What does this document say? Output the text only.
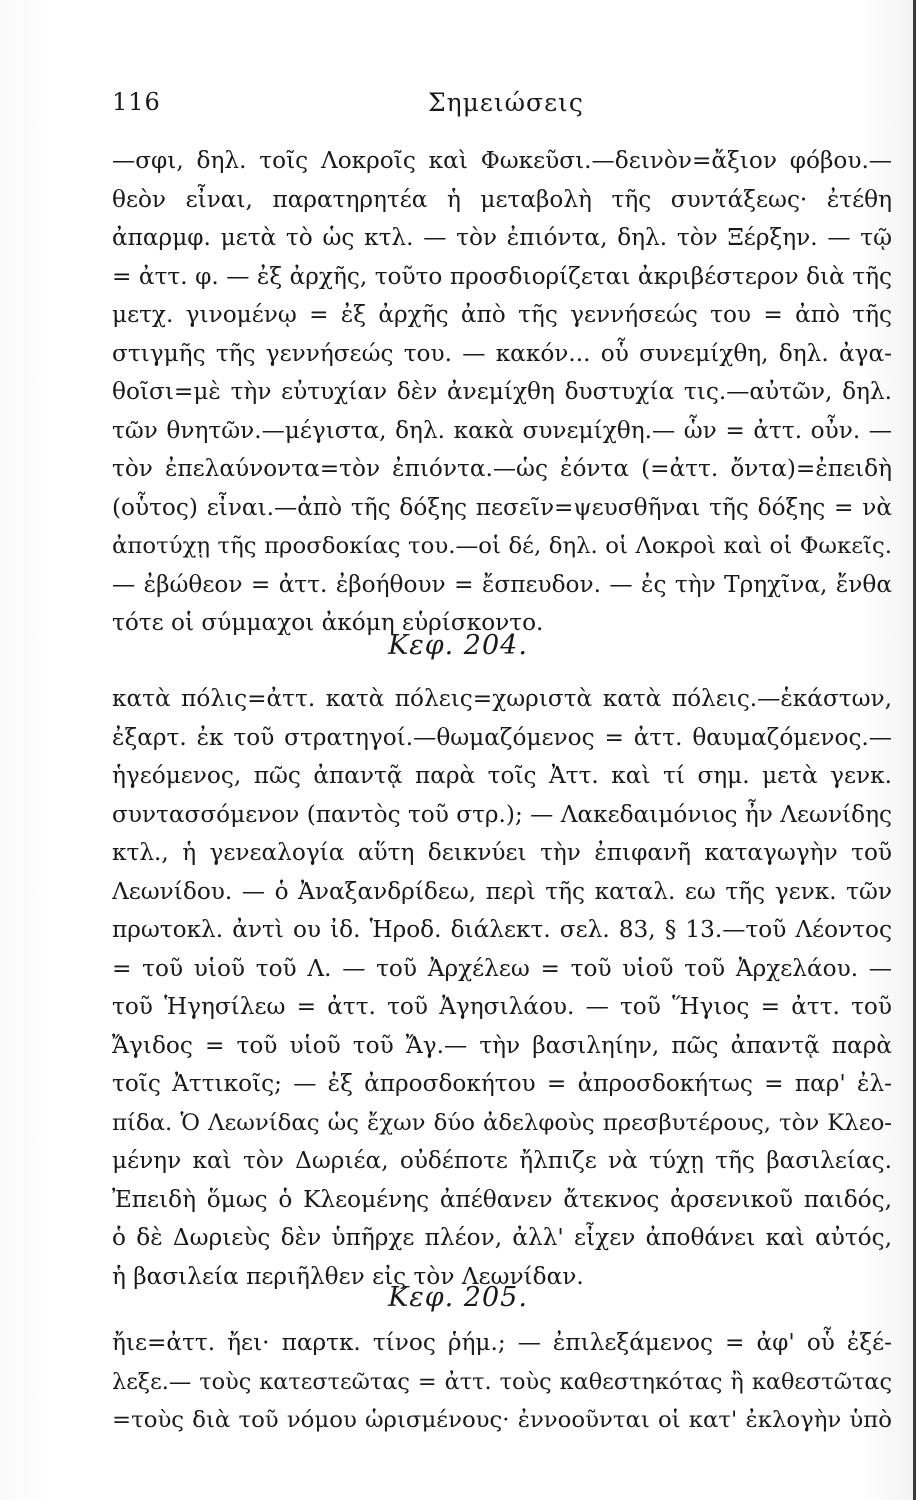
116	Σημειώσεις
—σφι, δηλ. τοῖς Λοκροῖς καὶ Φωκεῦσι.—δεινὸν=ἄξιον φόβου.—
θεὸν εἶναι, παρατηρητέα ἡ μεταβολὴ τῆς συντάξεως· ἐτέθη
ἀπαρμφ. μετὰ τὸ ὡς κτλ. — τὸν ἐπιόντα, δηλ. τὸν Ξέρξην. — τῷ
= ἀττ. φ. — ἐξ ἀρχῆς, τοῦτο προσδιορίζεται ἀκριβέστερον διὰ τῆς
μετχ. γινομένῳ = ἐξ ἀρχῆς ἀπὸ τῆς γεννήσεώς του = ἀπὸ τῆς
στιγμῆς τῆς γεννήσεώς του. — κακόν... οὗ συνεμίχθη, δηλ. ἀγα-
θοῖσι=μὲ τὴν εὐτυχίαν δὲν ἀνεμίχθη δυστυχία τις.—αὐτῶν, δηλ.
τῶν θνητῶν.—μέγιστα, δηλ. κακὰ συνεμίχθη.— ὧν = ἀττ. οὖν. —
τὸν ἐπελαύνοντα=τὸν ἐπιόντα.—ὡς ἐόντα (=ἀττ. ὄντα)=ἐπειδὴ
(οὗτος) εἶναι.—ἀπὸ τῆς δόξης πεσεῖν=ψευσθῆναι τῆς δόξης = νὰ
ἀποτύχῃ τῆς προσδοκίας του.—οἱ δέ, δηλ. οἱ Λοκροὶ καὶ οἱ Φωκεῖς.
— ἐβώθεον = ἀττ. ἐβοήθουν = ἔσπευδον. — ἐς τὴν Τρηχῖνα, ἔνθα
τότε οἱ σύμμαχοι ἀκόμη εὑρίσκοντο.
Κεφ. 204.
κατὰ πόλις=ἀττ. κατὰ πόλεις=χωριστὰ κατὰ πόλεις.—ἑκάστων,
ἐξαρτ. ἐκ τοῦ στρατηγοί.—θωμαζόμενος = ἀττ. θαυμαζόμενος.—
ἡγεόμενος, πῶς ἀπαντᾷ παρὰ τοῖς Ἀττ. καὶ τί σημ. μετὰ γενκ.
συντασσόμενον (παντὸς τοῦ στρ.); — Λακεδαιμόνιος ἦν Λεωνίδης
κτλ., ἡ γενεαλογία αὕτη δεικνύει τὴν ἐπιφανῆ καταγωγὴν τοῦ
Λεωνίδου. — ὁ Ἀναξανδρίδεω, περὶ τῆς καταλ. εω τῆς γενκ. τῶν
πρωτοκλ. ἀντὶ ου ἰδ. Ἡροδ. διάλεκτ. σελ. 83, § 13.—τοῦ Λέοντος
= τοῦ υἱοῦ τοῦ Λ. — τοῦ Ἀρχέλεω = τοῦ υἱοῦ τοῦ Ἀρχελάου. —
τοῦ Ἡγησίλεω = ἀττ. τοῦ Ἀγησιλάου. — τοῦ Ἥγιος = ἀττ. τοῦ
Ἄγιδος = τοῦ υἱοῦ τοῦ Ἄγ.— τὴν βασιληίην, πῶς ἀπαντᾷ παρὰ
τοῖς Ἀττικοῖς; — ἐξ ἀπροσδοκήτου = ἀπροσδοκήτως = παρ' ἐλ-
πίδα. Ὁ Λεωνίδας ὡς ἔχων δύο ἀδελφοὺς πρεσβυτέρους, τὸν Κλεο-
μένην καὶ τὸν Δωριέα, οὐδέποτε ἤλπιζε νὰ τύχῃ τῆς βασιλείας.
Ἐπειδὴ ὅμως ὁ Κλεομένης ἀπέθανεν ἄτεκνος ἀρσενικοῦ παιδός,
ὁ δὲ Δωριεὺς δὲν ὑπῆρχε πλέον, ἀλλ' εἶχεν ἀποθάνει καὶ αὐτός,
ἡ βασιλεία περιῆλθεν εἰς τὸν Λεωνίδαν.
Κεφ. 205.
ἤιε=ἀττ. ἤει· παρτκ. τίνος ῥήμ.; — ἐπιλεξάμενος = ἀφ' οὗ ἐξέ-
λεξε.— τοὺς κατεστεῶτας = ἀττ. τοὺς καθεστηκότας ἢ καθεστῶτας
=τοὺς διὰ τοῦ νόμου ὡρισμένους· ἐννοοῦνται οἱ κατ' ἐκλογὴν ὑπὸ
